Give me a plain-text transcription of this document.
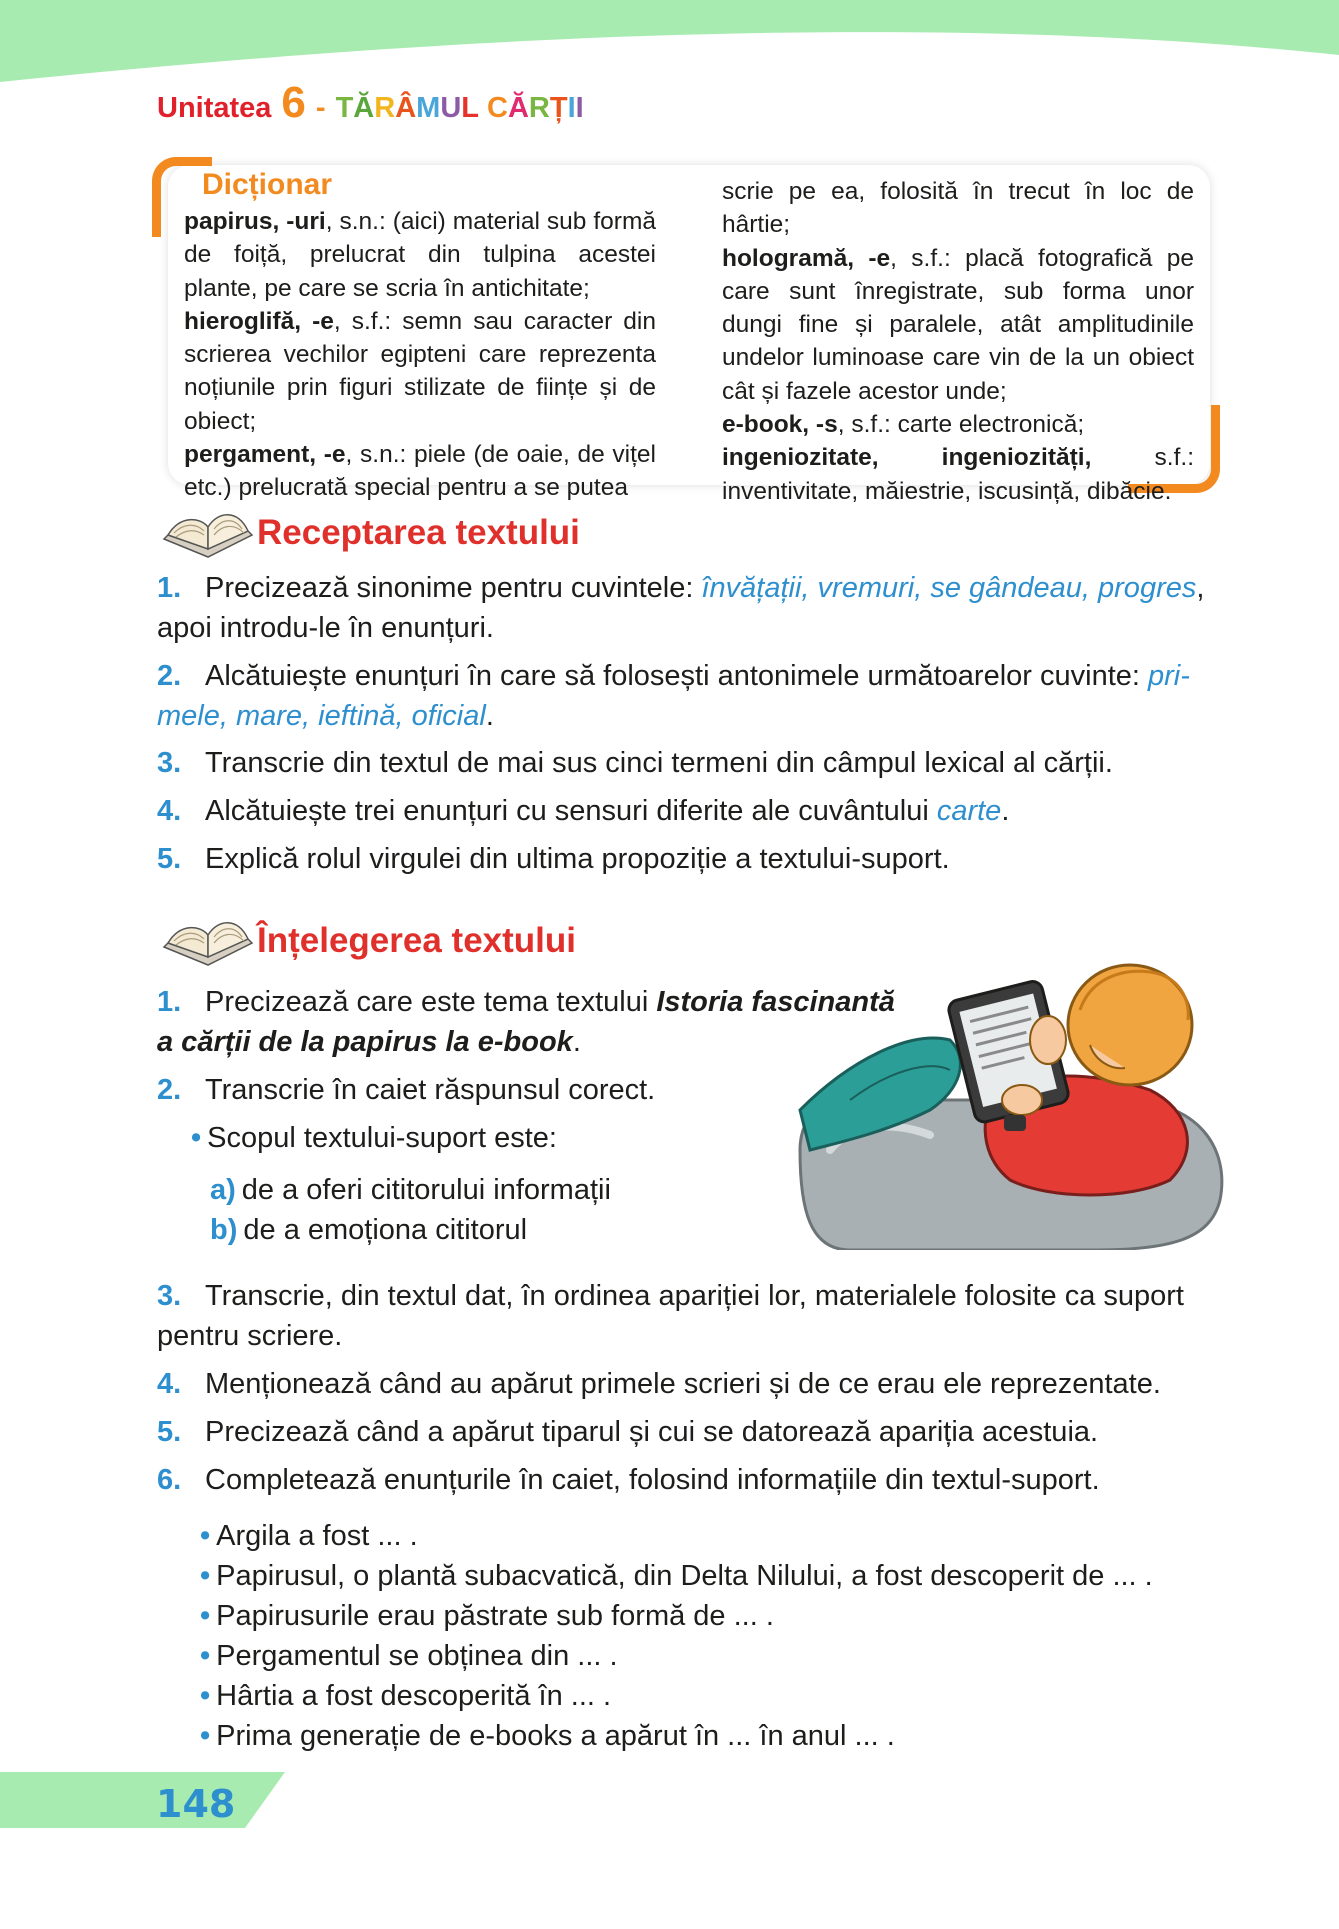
Unitatea 6 - TĂRÂMUL CĂRȚII
Dicționar

papirus, -uri, s.n.: (aici) material sub formă de foiță, prelucrat din tulpina acestei plante, pe care se scria în antichitate;

hieroglifă, -e, s.f.: semn sau caracter din scrierea vechilor egipteni care reprezenta noțiunile prin figuri stilizate de ființe și de obiect;

pergament, -e, s.n.: piele (de oaie, de vițel etc.) prelucrată special pentru a se putea

scrie pe ea, folosită în trecut în loc de hârtie;

hologramă, -e, s.f.: placă fotografică pe care sunt înregistrate, sub forma unor dungi fine și paralele, atât amplitudinile undelor luminoase care vin de la un obiect cât și fazele acestor unde;

e-book, -s, s.f.: carte electronică;

ingeniozitate, ingeniozități, s.f.: inventivitate, măiestrie, iscusință, dibăcie.

Receptarea textului
1. Precizează sinonime pentru cuvintele: învățații, vremuri, se gândeau, progres, apoi introdu-le în enunțuri.
2. Alcătuiește enunțuri în care să folosești antonimele următoarelor cuvinte: pri-mele, mare, ieftină, oficial.
3. Transcrie din textul de mai sus cinci termeni din câmpul lexical al cărții.
4. Alcătuiește trei enunțuri cu sensuri diferite ale cuvântului carte.
5. Explică rolul virgulei din ultima propoziție a textului-suport.
Înțelegerea textului
1. Precizează care este tema textului Istoria fascinantă
a cărții de la papirus la e-book.
2. Transcrie în caiet răspunsul corect.
• Scopul textului-suport este:
a) de a oferi cititorului informații
b) de a emoționa cititorul
3. Transcrie, din textul dat, în ordinea apariției lor, materialele folosite ca suport pentru scriere.
4. Menționează când au apărut primele scrieri și de ce erau ele reprezentate.
5. Precizează când a apărut tiparul și cui se datorează apariția acestuia.
6. Completează enunțurile în caiet, folosind informațiile din textul-suport.
• Argila a fost ... .
• Papirusul, o plantă subacvatică, din Delta Nilului, a fost descoperit de ... .
• Papirusurile erau păstrate sub formă de ... .
• Pergamentul se obținea din ... .
• Hârtia a fost descoperită în ... .
• Prima generație de e-books a apărut în ... în anul ... .
148
